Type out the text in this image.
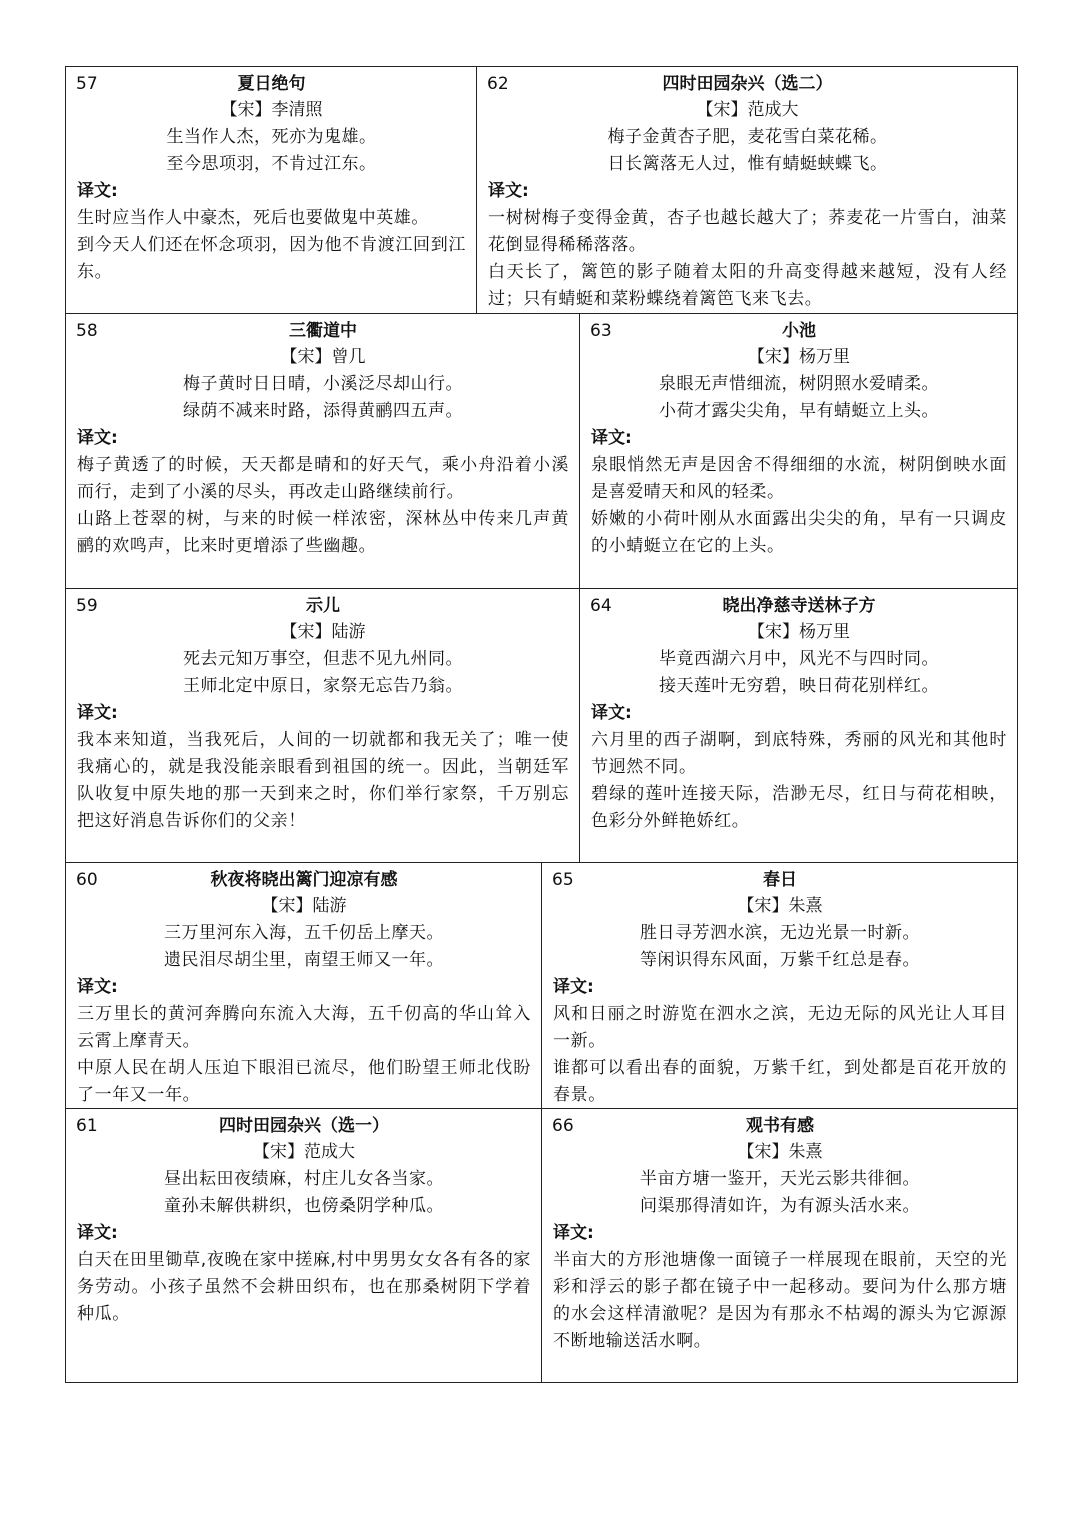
57	夏日绝句
【宋】李清照
生当作人杰，死亦为鬼雄。
至今思项羽，不肯过江东。
译文:

生时应当作人中豪杰，死后也要做鬼中英雄。

到今天人们还在怀念项羽，因为他不肯渡江回到江东。

62	四时田园杂兴（选二）
【宋】范成大
梅子金黄杏子肥，麦花雪白菜花稀。
日长篱落无人过，惟有蜻蜓蛱蝶飞。
译文:

一树树梅子变得金黄，杏子也越长越大了；荞麦花一片雪白，油菜花倒显得稀稀落落。

白天长了，篱笆的影子随着太阳的升高变得越来越短，没有人经过；只有蜻蜓和菜粉蝶绕着篱笆飞来飞去。

58	三衢道中
【宋】曾几
梅子黄时日日晴，小溪泛尽却山行。
绿荫不减来时路，添得黄鹂四五声。
译文:

梅子黄透了的时候，天天都是晴和的好天气，乘小舟沿着小溪而行，走到了小溪的尽头，再改走山路继续前行。

山路上苍翠的树，与来的时候一样浓密，深林丛中传来几声黄鹂的欢鸣声，比来时更增添了些幽趣。

63	小池
【宋】杨万里
泉眼无声惜细流，树阴照水爱晴柔。
小荷才露尖尖角，早有蜻蜓立上头。
译文:

泉眼悄然无声是因舍不得细细的水流，树阴倒映水面是喜爱晴天和风的轻柔。

娇嫩的小荷叶刚从水面露出尖尖的角，早有一只调皮的小蜻蜓立在它的上头。

59	示儿
【宋】陆游
死去元知万事空，但悲不见九州同。
王师北定中原日，家祭无忘告乃翁。
译文:

我本来知道，当我死后，人间的一切就都和我无关了；唯一使我痛心的，就是我没能亲眼看到祖国的统一。因此，当朝廷军队收复中原失地的那一天到来之时，你们举行家祭，千万别忘把这好消息告诉你们的父亲！

64	晓出净慈寺送林子方
【宋】杨万里
毕竟西湖六月中，风光不与四时同。
接天莲叶无穷碧，映日荷花别样红。
译文:

六月里的西子湖啊，到底特殊，秀丽的风光和其他时节迥然不同。

碧绿的莲叶连接天际，浩渺无尽，红日与荷花相映，色彩分外鲜艳娇红。

60	秋夜将晓出篱门迎凉有感
【宋】陆游
三万里河东入海，五千仞岳上摩天。
遗民泪尽胡尘里，南望王师又一年。
译文:

三万里长的黄河奔腾向东流入大海，五千仞高的华山耸入云霄上摩青天。

中原人民在胡人压迫下眼泪已流尽，他们盼望王师北伐盼了一年又一年。

65	春日
【宋】朱熹
胜日寻芳泗水滨，无边光景一时新。
等闲识得东风面，万紫千红总是春。
译文:

风和日丽之时游览在泗水之滨，无边无际的风光让人耳目一新。

谁都可以看出春的面貌，万紫千红，到处都是百花开放的春景。

61	四时田园杂兴（选一）
【宋】范成大
昼出耘田夜绩麻，村庄儿女各当家。
童孙未解供耕织，也傍桑阴学种瓜。
译文:

白天在田里锄草,夜晚在家中搓麻,村中男男女女各有各的家务劳动。小孩子虽然不会耕田织布，也在那桑树阴下学着种瓜。

66	观书有感
【宋】朱熹
半亩方塘一鉴开，天光云影共徘徊。
问渠那得清如许，为有源头活水来。
译文:

半亩大的方形池塘像一面镜子一样展现在眼前，天空的光彩和浮云的影子都在镜子中一起移动。要问为什么那方塘的水会这样清澈呢？是因为有那永不枯竭的源头为它源源不断地输送活水啊。
